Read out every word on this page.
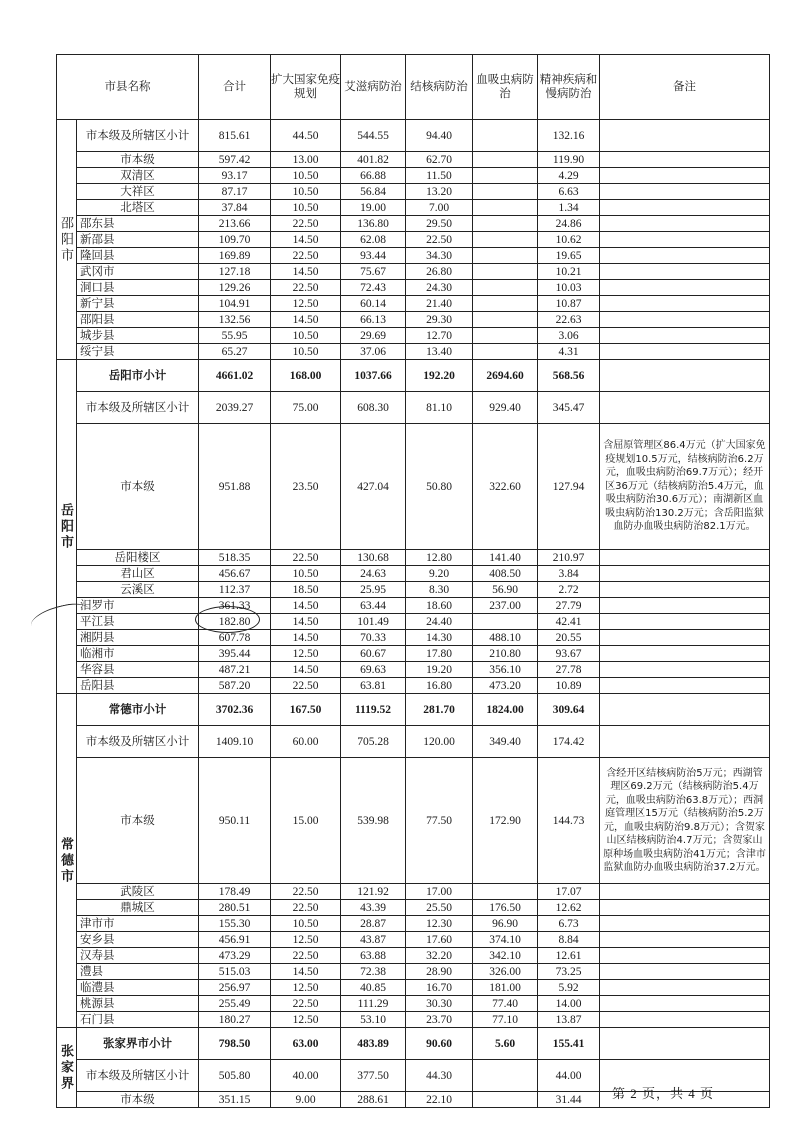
市县名称		合计	扩大国家免疫规划	艾滋病防治	结核病防治	血吸虫病防治	精神疾病和慢病防治	备注
邵阳市	市本级及所辖区小计	815.61	44.50	544.55	94.40		132.16	
	市本级	597.42	13.00	401.82	62.70		119.90	
	双清区	93.17	10.50	66.88	11.50		4.29	
	大祥区	87.17	10.50	56.84	13.20		6.63	
	北塔区	37.84	10.50	19.00	7.00		1.34	
	邵东县	213.66	22.50	136.80	29.50		24.86	
	新邵县	109.70	14.50	62.08	22.50		10.62	
	隆回县	169.89	22.50	93.44	34.30		19.65	
	武冈市	127.18	14.50	75.67	26.80		10.21	
	洞口县	129.26	22.50	72.43	24.30		10.03	
	新宁县	104.91	12.50	60.14	21.40		10.87	
	邵阳县	132.56	14.50	66.13	29.30		22.63	
	城步县	55.95	10.50	29.69	12.70		3.06	
	绥宁县	65.27	10.50	37.06	13.40		4.31	
岳阳市	岳阳市小计	4661.02	168.00	1037.66	192.20	2694.60	568.56	
	市本级及所辖区小计	2039.27	75.00	608.30	81.10	929.40	345.47	
	市本级	951.88	23.50	427.04	50.80	322.60	127.94	含屈原管理区86.4万元（扩大国家免疫规划10.5万元，结核病防治6.2万元，血吸虫病防治69.7万元）；经开区36万元（结核病防治5.4万元，血吸虫病防治30.6万元）；南湖新区血吸虫病防治130.2万元；含岳阳监狱血防办血吸虫病防治82.1万元。
	岳阳楼区	518.35	22.50	130.68	12.80	141.40	210.97	
	君山区	456.67	10.50	24.63	9.20	408.50	3.84	
	云溪区	112.37	18.50	25.95	8.30	56.90	2.72	
	汨罗市	361.33	14.50	63.44	18.60	237.00	27.79	
	平江县	182.80	14.50	101.49	24.40		42.41	
	湘阴县	607.78	14.50	70.33	14.30	488.10	20.55	
	临湘市	395.44	12.50	60.67	17.80	210.80	93.67	
	华容县	487.21	14.50	69.63	19.20	356.10	27.78	
	岳阳县	587.20	22.50	63.81	16.80	473.20	10.89	
常德市	常德市小计	3702.36	167.50	1119.52	281.70	1824.00	309.64	
	市本级及所辖区小计	1409.10	60.00	705.28	120.00	349.40	174.42	
	市本级	950.11	15.00	539.98	77.50	172.90	144.73	含经开区结核病防治5万元；西湖管理区69.2万元（结核病防治5.4万元，血吸虫病防治63.8万元）；西洞庭管理区15万元（结核病防治5.2万元，血吸虫病防治9.8万元）；含贺家山区结核病防治4.7万元；含贺家山原种场血吸虫病防治41万元；含津市监狱血防办血吸虫病防治37.2万元。
	武陵区	178.49	22.50	121.92	17.00		17.07	
	鼎城区	280.51	22.50	43.39	25.50	176.50	12.62	
	津市市	155.30	10.50	28.87	12.30	96.90	6.73	
	安乡县	456.91	12.50	43.87	17.60	374.10	8.84	
	汉寿县	473.29	22.50	63.88	32.20	342.10	12.61	
	澧县	515.03	14.50	72.38	28.90	326.00	73.25	
	临澧县	256.97	12.50	40.85	16.70	181.00	5.92	
	桃源县	255.49	22.50	111.29	30.30	77.40	14.00	
	石门县	180.27	12.50	53.10	23.70	77.10	13.87	
张家界	张家界市小计	798.50	63.00	483.89	90.60	5.60	155.41	
	市本级及所辖区小计	505.80	40.00	377.50	44.30		44.00	
	市本级	351.15	9.00	288.61	22.10		31.44	第 2 页，共 4 页
